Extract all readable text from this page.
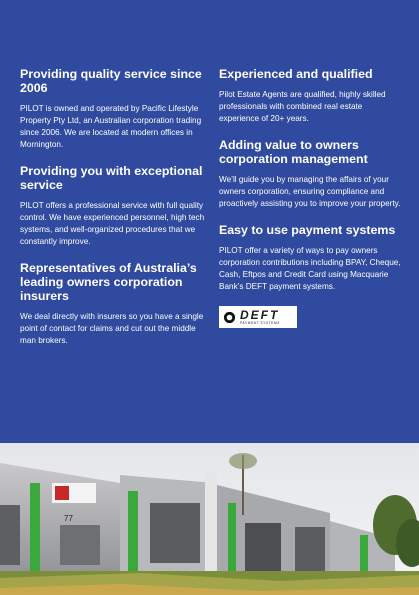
Providing quality service since 2006

PILOT is owned and operated by Pacific Lifestyle Property Pty Ltd, an Australian corporation trading since 2006. We are located at modern offices in Mornington.

Providing you with exceptional service

PILOT offers a professional service with full quality control. We have experienced personnel, high tech systems, and well-organized procedures that we constantly improve.

Representatives of Australia’s leading owners corporation insurers

We deal directly with insurers so you have a single point of contact for claims and cut out the middle man brokers.

Experienced and qualified

Pilot Estate Agents are qualified, highly skilled professionals with combined real estate experience of 20+ years.

Adding value to owners corporation management

We’ll guide you by managing the affairs of your owners corporation, ensuring compliance and proactively assisting you to improve your property.

Easy to use payment systems

PILOT offer a variety of ways to pay owners corporation contributions including BPAY, Cheque, Cash, Eftpos and Credit Card using Macquarie Bank’s DEFT payment systems.

DEFT
PAYMENT SYSTEMS
77
